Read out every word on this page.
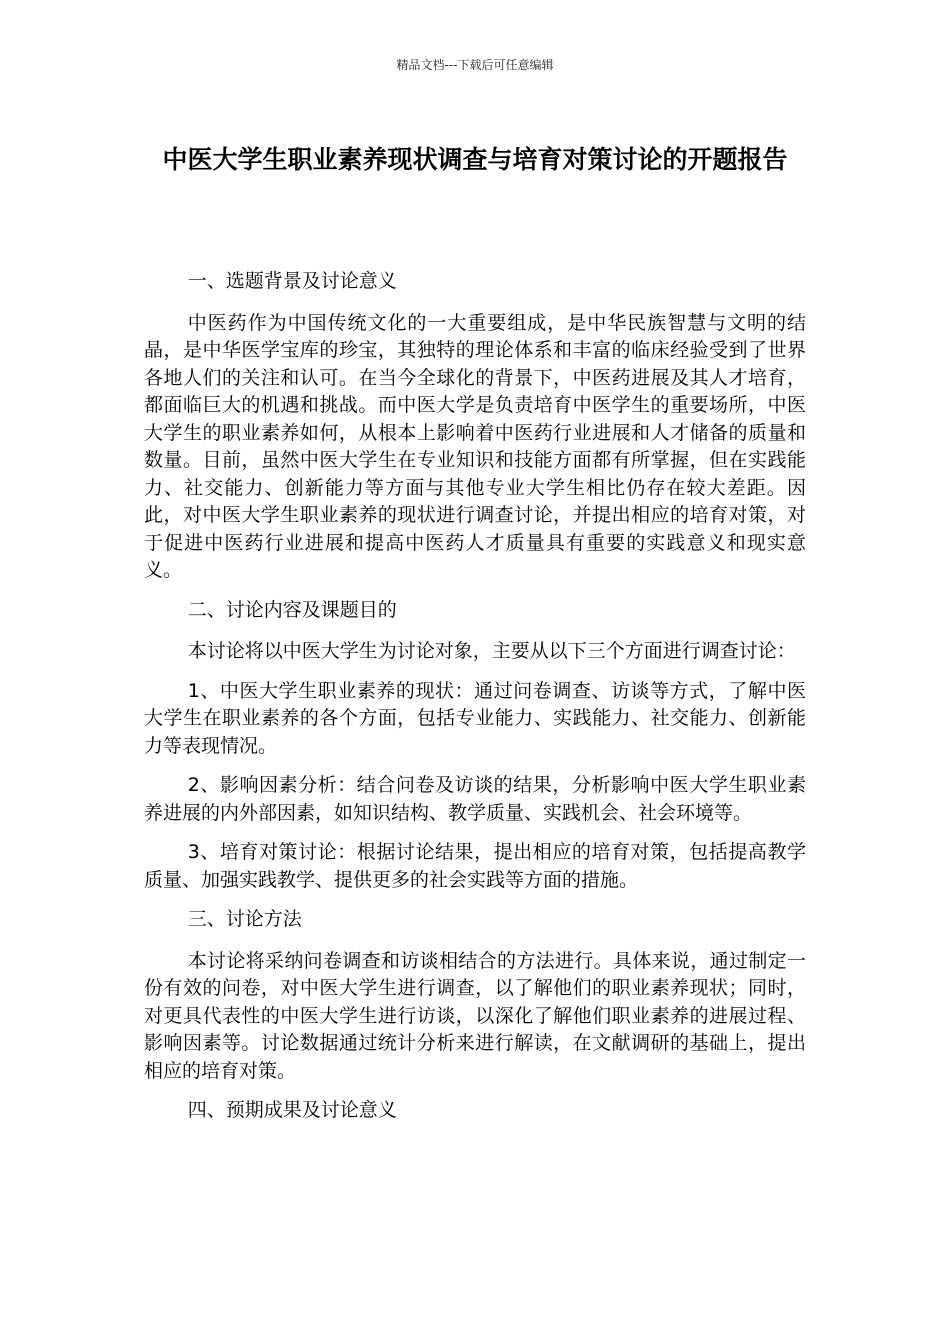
精品文档---下载后可任意编辑
中医大学生职业素养现状调查与培育对策讨论的开题报告

一、选题背景及讨论意义

中医药作为中国传统文化的一大重要组成，是中华民族智慧与文明的结晶，是中华医学宝库的珍宝，其独特的理论体系和丰富的临床经验受到了世界各地人们的关注和认可。在当今全球化的背景下，中医药进展及其人才培育，都面临巨大的机遇和挑战。而中医大学是负责培育中医学生的重要场所，中医大学生的职业素养如何，从根本上影响着中医药行业进展和人才储备的质量和数量。目前，虽然中医大学生在专业知识和技能方面都有所掌握，但在实践能力、社交能力、创新能力等方面与其他专业大学生相比仍存在较大差距。因此，对中医大学生职业素养的现状进行调查讨论，并提出相应的培育对策，对于促进中医药行业进展和提高中医药人才质量具有重要的实践意义和现实意义。

二、讨论内容及课题目的

本讨论将以中医大学生为讨论对象，主要从以下三个方面进行调查讨论：

1、中医大学生职业素养的现状：通过问卷调查、访谈等方式，了解中医大学生在职业素养的各个方面，包括专业能力、实践能力、社交能力、创新能力等表现情况。

2、影响因素分析：结合问卷及访谈的结果，分析影响中医大学生职业素养进展的内外部因素，如知识结构、教学质量、实践机会、社会环境等。

3、培育对策讨论：根据讨论结果，提出相应的培育对策，包括提高教学质量、加强实践教学、提供更多的社会实践等方面的措施。

三、讨论方法

本讨论将采纳问卷调查和访谈相结合的方法进行。具体来说，通过制定一份有效的问卷，对中医大学生进行调查，以了解他们的职业素养现状；同时，对更具代表性的中医大学生进行访谈，以深化了解他们职业素养的进展过程、影响因素等。讨论数据通过统计分析来进行解读，在文献调研的基础上，提出相应的培育对策。

四、预期成果及讨论意义
